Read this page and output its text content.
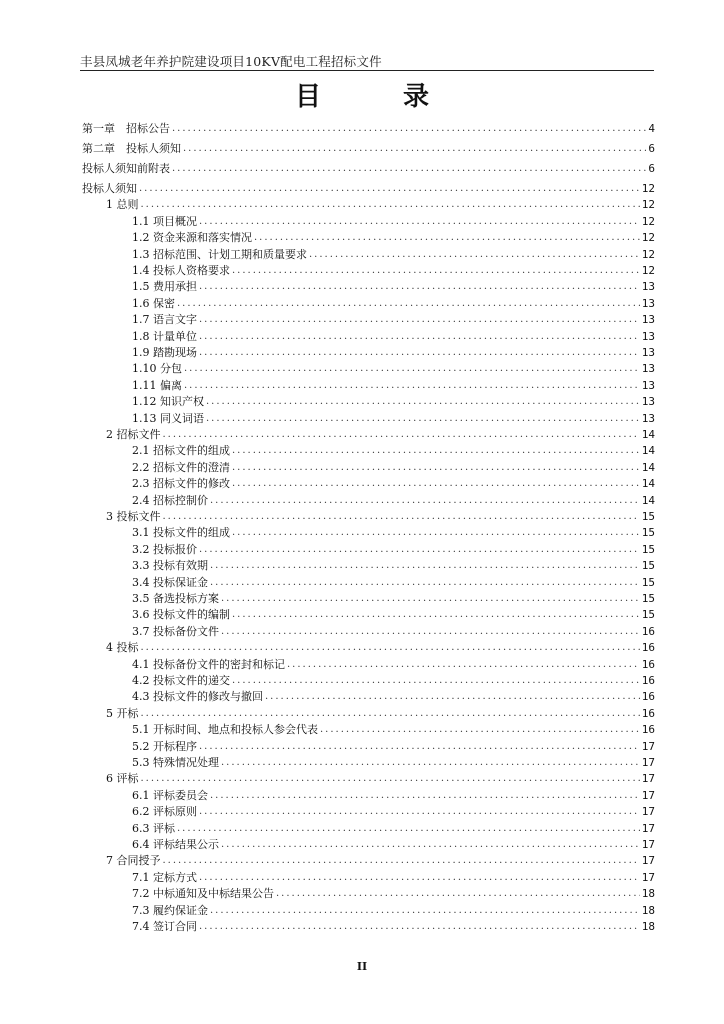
丰县凤城老年养护院建设项目10KV配电工程招标文件
目　录
第一章　招标公告 .....	4
第二章　投标人须知 .....	6
投标人须知前附表 .....	6
投标人须知 .....	12
1 总则 .....	12
1.1 项目概况 .....	12
1.2 资金来源和落实情况 .....	12
1.3 招标范围、计划工期和质量要求 .....	12
1.4 投标人资格要求 .....	12
1.5 费用承担 .....	13
1.6 保密 .....	13
1.7 语言文字 .....	13
1.8 计量单位 .....	13
1.9 踏勘现场 .....	13
1.10 分包 .....	13
1.11 偏离 .....	13
1.12 知识产权 .....	13
1.13 同义词语 .....	13
2 招标文件 .....	14
2.1 招标文件的组成 .....	14
2.2 招标文件的澄清 .....	14
2.3 招标文件的修改 .....	14
2.4 招标控制价 .....	14
3 投标文件 .....	15
3.1 投标文件的组成 .....	15
3.2 投标报价 .....	15
3.3 投标有效期 .....	15
3.4 投标保证金 .....	15
3.5 备选投标方案 .....	15
3.6 投标文件的编制 .....	15
3.7 投标备份文件 .....	16
4 投标 .....	16
4.1 投标备份文件的密封和标记 .....	16
4.2 投标文件的递交 .....	16
4.3 投标文件的修改与撤回 .....	16
5 开标 .....	16
5.1 开标时间、地点和投标人参会代表 .....	16
5.2 开标程序 .....	17
5.3 特殊情况处理 .....	17
6 评标 .....	17
6.1 评标委员会 .....	17
6.2 评标原则 .....	17
6.3 评标 .....	17
6.4 评标结果公示 .....	17
7 合同授予 .....	17
7.1 定标方式 .....	17
7.2 中标通知及中标结果公告 .....	18
7.3 履约保证金 .....	18
7.4 签订合同 .....	18
II
